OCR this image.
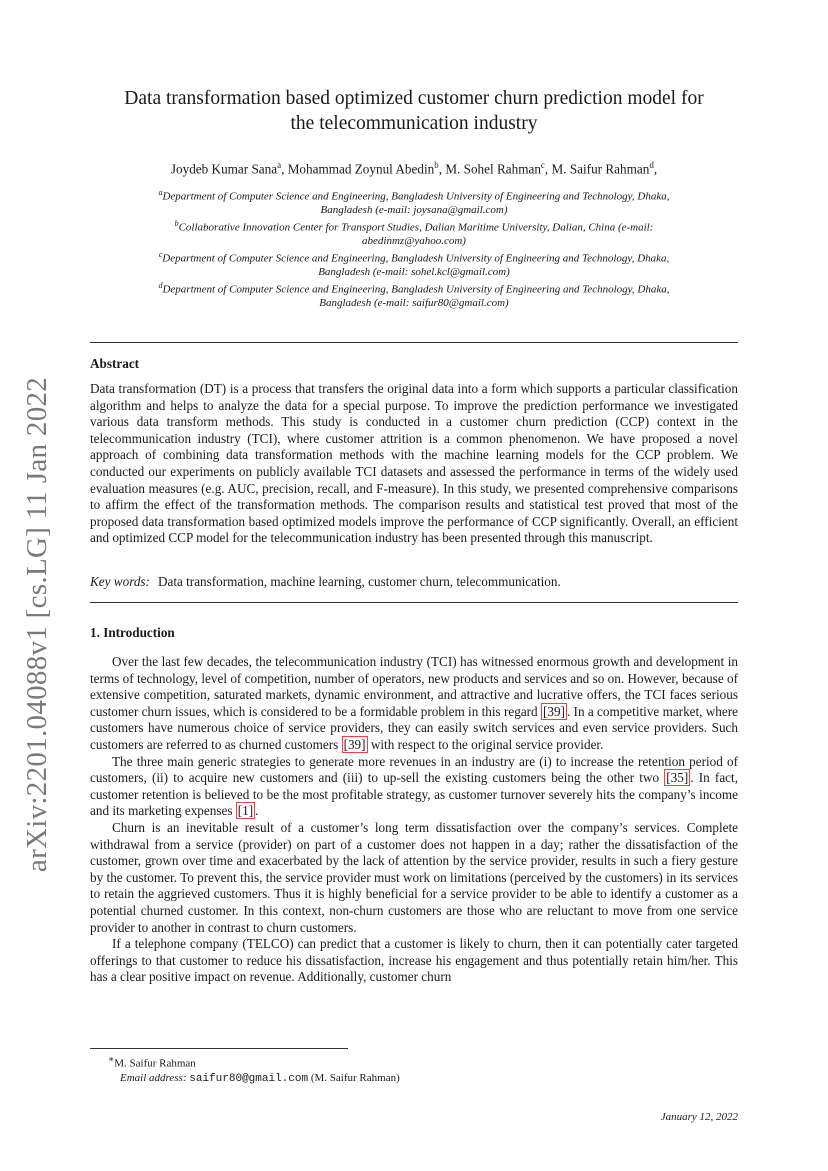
arXiv:2201.04088v1 [cs.LG] 11 Jan 2022
Data transformation based optimized customer churn prediction model for
the telecommunication industry
Joydeb Kumar Sana$^a$, Mohammad Zoynul Abedin$^b$, M. Sohel Rahman$^c$, M. Saifur Rahman$^d$,

$^a$Department of Computer Science and Engineering, Bangladesh University of Engineering and Technology, Dhaka,
Bangladesh (e-mail: joysana@gmail.com)

$^b$Collaborative Innovation Center for Transport Studies, Dalian Maritime University, Dalian, China (e-mail:
abedinmz@yahoo.com)

$^c$Department of Computer Science and Engineering, Bangladesh University of Engineering and Technology, Dhaka,
Bangladesh (e-mail: sohel.kcl@gmail.com)

$^d$Department of Computer Science and Engineering, Bangladesh University of Engineering and Technology, Dhaka,
Bangladesh (e-mail: saifur80@gmail.com)

Abstract

Data transformation (DT) is a process that transfers the original data into a form which supports a particular classification algorithm and helps to analyze the data for a special purpose. To improve the prediction performance we investigated various data transform methods. This study is conducted in a customer churn prediction (CCP) context in the telecommunication industry (TCI), where customer attrition is a common phenomenon. We have proposed a novel approach of combining data transformation methods with the machine learning models for the CCP problem. We conducted our experiments on publicly available TCI datasets and assessed the performance in terms of the widely used evaluation measures (e.g. AUC, precision, recall, and F-measure). In this study, we presented comprehensive comparisons to affirm the effect of the transformation methods. The comparison results and statistical test proved that most of the proposed data transformation based optimized models improve the performance of CCP significantly. Overall, an efficient and optimized CCP model for the telecommunication industry has been presented through this manuscript.

Key words: Data transformation, machine learning, customer churn, telecommunication.
1. Introduction

Over the last few decades, the telecommunication industry (TCI) has witnessed enormous growth and development in terms of technology, level of competition, number of operators, new products and services and so on. However, because of extensive competition, saturated markets, dynamic environment, and attractive and lucrative offers, the TCI faces serious customer churn issues, which is considered to be a formidable problem in this regard [39] . In a competitive market, where customers have numerous choice of service providers, they can easily switch services and even service providers. Such customers are referred to as churned customers [39] with respect to the original service provider.

The three main generic strategies to generate more revenues in an industry are (i) to increase the retention period of customers, (ii) to acquire new customers and (iii) to up-sell the existing customers being the other two [35] . In fact, customer retention is believed to be the most profitable strategy, as customer turnover severely hits the company’s income and its marketing expenses [1] .

Churn is an inevitable result of a customer’s long term dissatisfaction over the company’s services. Complete withdrawal from a service (provider) on part of a customer does not happen in a day; rather the dissatisfaction of the customer, grown over time and exacerbated by the lack of attention by the service provider, results in such a fiery gesture by the customer. To prevent this, the service provider must work on limitations (perceived by the customers) in its services to retain the aggrieved customers. Thus it is highly beneficial for a service provider to be able to identify a customer as a potential churned customer. In this context, non-churn customers are those who are reluctant to move from one service provider to another in contrast to churn customers.

If a telephone company (TELCO) can predict that a customer is likely to churn, then it can potentially cater targeted offerings to that customer to reduce his dissatisfaction, increase his engagement and thus potentially retain him/her. This has a clear positive impact on revenue. Additionally, customer churn

∗M. Saifur Rahman
Email address: saifur80@gmail.com (M. Saifur Rahman)
January 12, 2022
